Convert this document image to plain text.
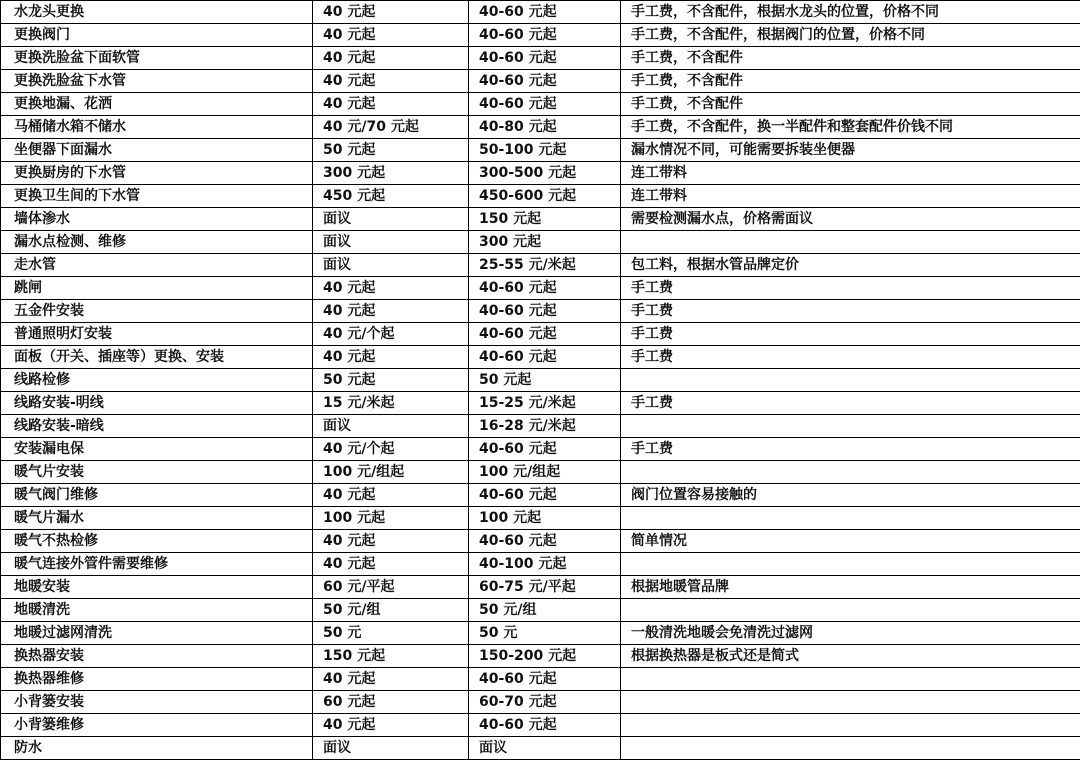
水龙头更换	40 元起	40-60 元起	手工费，不含配件，根据水龙头的位置，价格不同
更换阀门	40 元起	40-60 元起	手工费，不含配件，根据阀门的位置，价格不同
更换洗脸盆下面软管	40 元起	40-60 元起	手工费，不含配件
更换洗脸盆下水管	40 元起	40-60 元起	手工费，不含配件
更换地漏、花洒	40 元起	40-60 元起	手工费，不含配件
马桶储水箱不储水	40 元/70 元起	40-80 元起	手工费，不含配件，换一半配件和整套配件价钱不同
坐便器下面漏水	50 元起	50-100 元起	漏水情况不同，可能需要拆装坐便器
更换厨房的下水管	300 元起	300-500 元起	连工带料
更换卫生间的下水管	450 元起	450-600 元起	连工带料
墙体渗水	面议	150 元起	需要检测漏水点，价格需面议
漏水点检测、维修	面议	300 元起	
走水管	面议	25-55 元/米起	包工料，根据水管品牌定价
跳闸	40 元起	40-60 元起	手工费
五金件安装	40 元起	40-60 元起	手工费
普通照明灯安装	40 元/个起	40-60 元起	手工费
面板（开关、插座等）更换、安装	40 元起	40-60 元起	手工费
线路检修	50 元起	50 元起	
线路安装-明线	15 元/米起	15-25 元/米起	手工费
线路安装-暗线	面议	16-28 元/米起	
安装漏电保	40 元/个起	40-60 元起	手工费
暖气片安装	100 元/组起	100 元/组起	
暖气阀门维修	40 元起	40-60 元起	阀门位置容易接触的
暖气片漏水	100 元起	100 元起	
暖气不热检修	40 元起	40-60 元起	简单情况
暖气连接外管件需要维修	40 元起	40-100 元起	
地暖安装	60 元/平起	60-75 元/平起	根据地暖管品牌
地暖清洗	50 元/组	50 元/组	
地暖过滤网清洗	50 元	50 元	一般清洗地暖会免清洗过滤网
换热器安装	150 元起	150-200 元起	根据换热器是板式还是简式
换热器维修	40 元起	40-60 元起	
小背篓安装	60 元起	60-70 元起	
小背篓维修	40 元起	40-60 元起	
防水	面议	面议	
